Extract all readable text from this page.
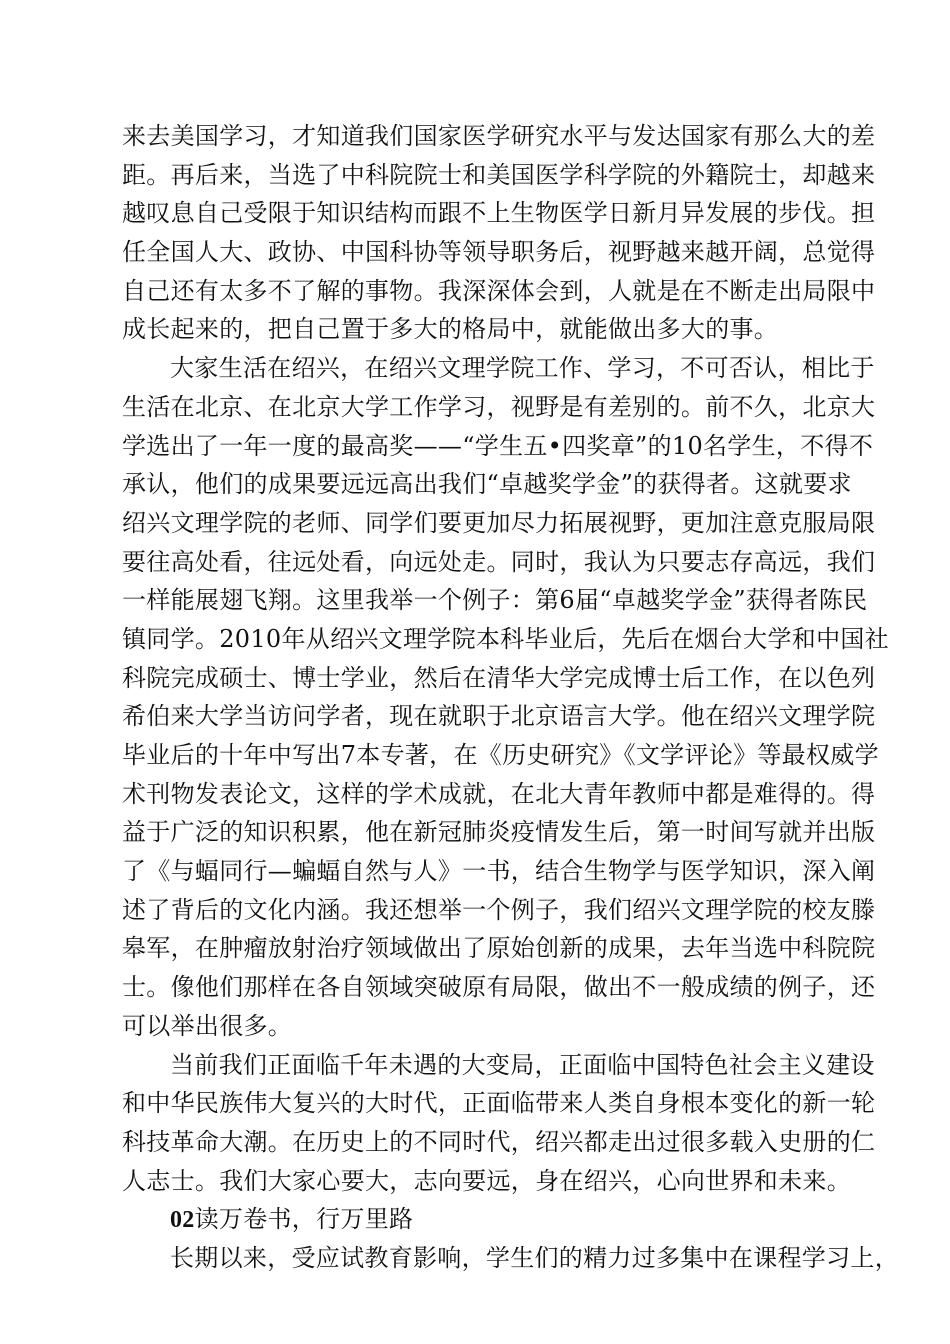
来去美国学习，才知道我们国家医学研究水平与发达国家有那么大的差
距。再后来，当选了中科院院士和美国医学科学院的外籍院士，却越来
越叹息自己受限于知识结构而跟不上生物医学日新月异发展的步伐。担
任全国人大、政协、中国科协等领导职务后，视野越来越开阔，总觉得
自己还有太多不了解的事物。我深深体会到，人就是在不断走出局限中
成长起来的，把自己置于多大的格局中，就能做出多大的事。
大家生活在绍兴，在绍兴文理学院工作、学习，不可否认，相比于
生活在北京、在北京大学工作学习，视野是有差别的。前不久，北京大
学选出了一年一度的最高奖——“学生五•四奖章”的10名学生，不得不
承认，他们的成果要远远高出我们“卓越奖学金”的获得者。这就要求
绍兴文理学院的老师、同学们要更加尽力拓展视野，更加注意克服局限
要往高处看，往远处看，向远处走。同时，我认为只要志存高远，我们
一样能展翅飞翔。这里我举一个例子：第6届“卓越奖学金”获得者陈民
镇同学。2010年从绍兴文理学院本科毕业后，先后在烟台大学和中国社
科院完成硕士、博士学业，然后在清华大学完成博士后工作，在以色列
希伯来大学当访问学者，现在就职于北京语言大学。他在绍兴文理学院
毕业后的十年中写出7本专著，在《历史研究》《文学评论》等最权威学
术刊物发表论文，这样的学术成就，在北大青年教师中都是难得的。得
益于广泛的知识积累，他在新冠肺炎疫情发生后，第一时间写就并出版
了《与蝠同行—蝙蝠自然与人》一书，结合生物学与医学知识，深入阐
述了背后的文化内涵。我还想举一个例子，我们绍兴文理学院的校友滕
皋军，在肿瘤放射治疗领域做出了原始创新的成果，去年当选中科院院
士。像他们那样在各自领域突破原有局限，做出不一般成绩的例子，还
可以举出很多。
当前我们正面临千年未遇的大变局，正面临中国特色社会主义建设
和中华民族伟大复兴的大时代，正面临带来人类自身根本变化的新一轮
科技革命大潮。在历史上的不同时代，绍兴都走出过很多载入史册的仁
人志士。我们大家心要大，志向要远，身在绍兴，心向世界和未来。
02读万卷书，行万里路
长期以来，受应试教育影响，学生们的精力过多集中在课程学习上，
